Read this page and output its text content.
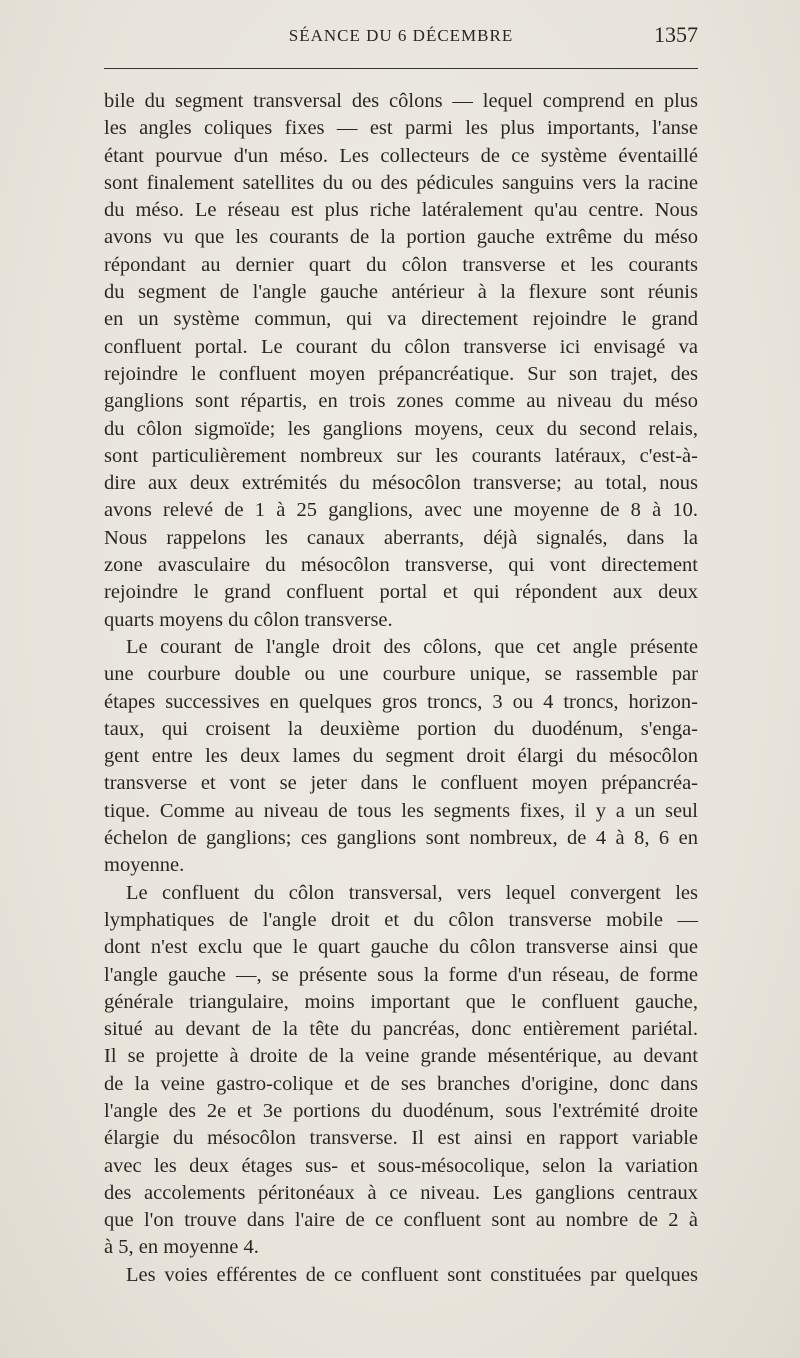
SÉANCE DU 6 DÉCEMBRE	1357
bile du segment transversal des côlons — lequel comprend en plus
les angles coliques fixes — est parmi les plus importants, l'anse
étant pourvue d'un méso. Les collecteurs de ce système éventaillé
sont finalement satellites du ou des pédicules sanguins vers la racine
du méso. Le réseau est plus riche latéralement qu'au centre. Nous
avons vu que les courants de la portion gauche extrême du méso
répondant au dernier quart du côlon transverse et les courants
du segment de l'angle gauche antérieur à la flexure sont réunis
en un système commun, qui va directement rejoindre le grand
confluent portal. Le courant du côlon transverse ici envisagé va
rejoindre le confluent moyen prépancréatique. Sur son trajet, des
ganglions sont répartis, en trois zones comme au niveau du méso
du côlon sigmoïde; les ganglions moyens, ceux du second relais,
sont particulièrement nombreux sur les courants latéraux, c'est-à-
dire aux deux extrémités du mésocôlon transverse; au total, nous
avons relevé de 1 à 25 ganglions, avec une moyenne de 8 à 10.
Nous rappelons les canaux aberrants, déjà signalés, dans la
zone avasculaire du mésocôlon transverse, qui vont directement
rejoindre le grand confluent portal et qui répondent aux deux
quarts moyens du côlon transverse.
Le courant de l'angle droit des côlons, que cet angle présente
une courbure double ou une courbure unique, se rassemble par
étapes successives en quelques gros troncs, 3 ou 4 troncs, horizon-
taux, qui croisent la deuxième portion du duodénum, s'enga-
gent entre les deux lames du segment droit élargi du mésocôlon
transverse et vont se jeter dans le confluent moyen prépancréa-
tique. Comme au niveau de tous les segments fixes, il y a un seul
échelon de ganglions; ces ganglions sont nombreux, de 4 à 8, 6 en
moyenne.
Le confluent du côlon transversal, vers lequel convergent les
lymphatiques de l'angle droit et du côlon transverse mobile —
dont n'est exclu que le quart gauche du côlon transverse ainsi que
l'angle gauche —, se présente sous la forme d'un réseau, de forme
générale triangulaire, moins important que le confluent gauche,
situé au devant de la tête du pancréas, donc entièrement pariétal.
Il se projette à droite de la veine grande mésentérique, au devant
de la veine gastro-colique et de ses branches d'origine, donc dans
l'angle des 2e et 3e portions du duodénum, sous l'extrémité droite
élargie du mésocôlon transverse. Il est ainsi en rapport variable
avec les deux étages sus- et sous-mésocolique, selon la variation
des accolements péritonéaux à ce niveau. Les ganglions centraux
que l'on trouve dans l'aire de ce confluent sont au nombre de 2 à
à 5, en moyenne 4.
Les voies efférentes de ce confluent sont constituées par quelques
